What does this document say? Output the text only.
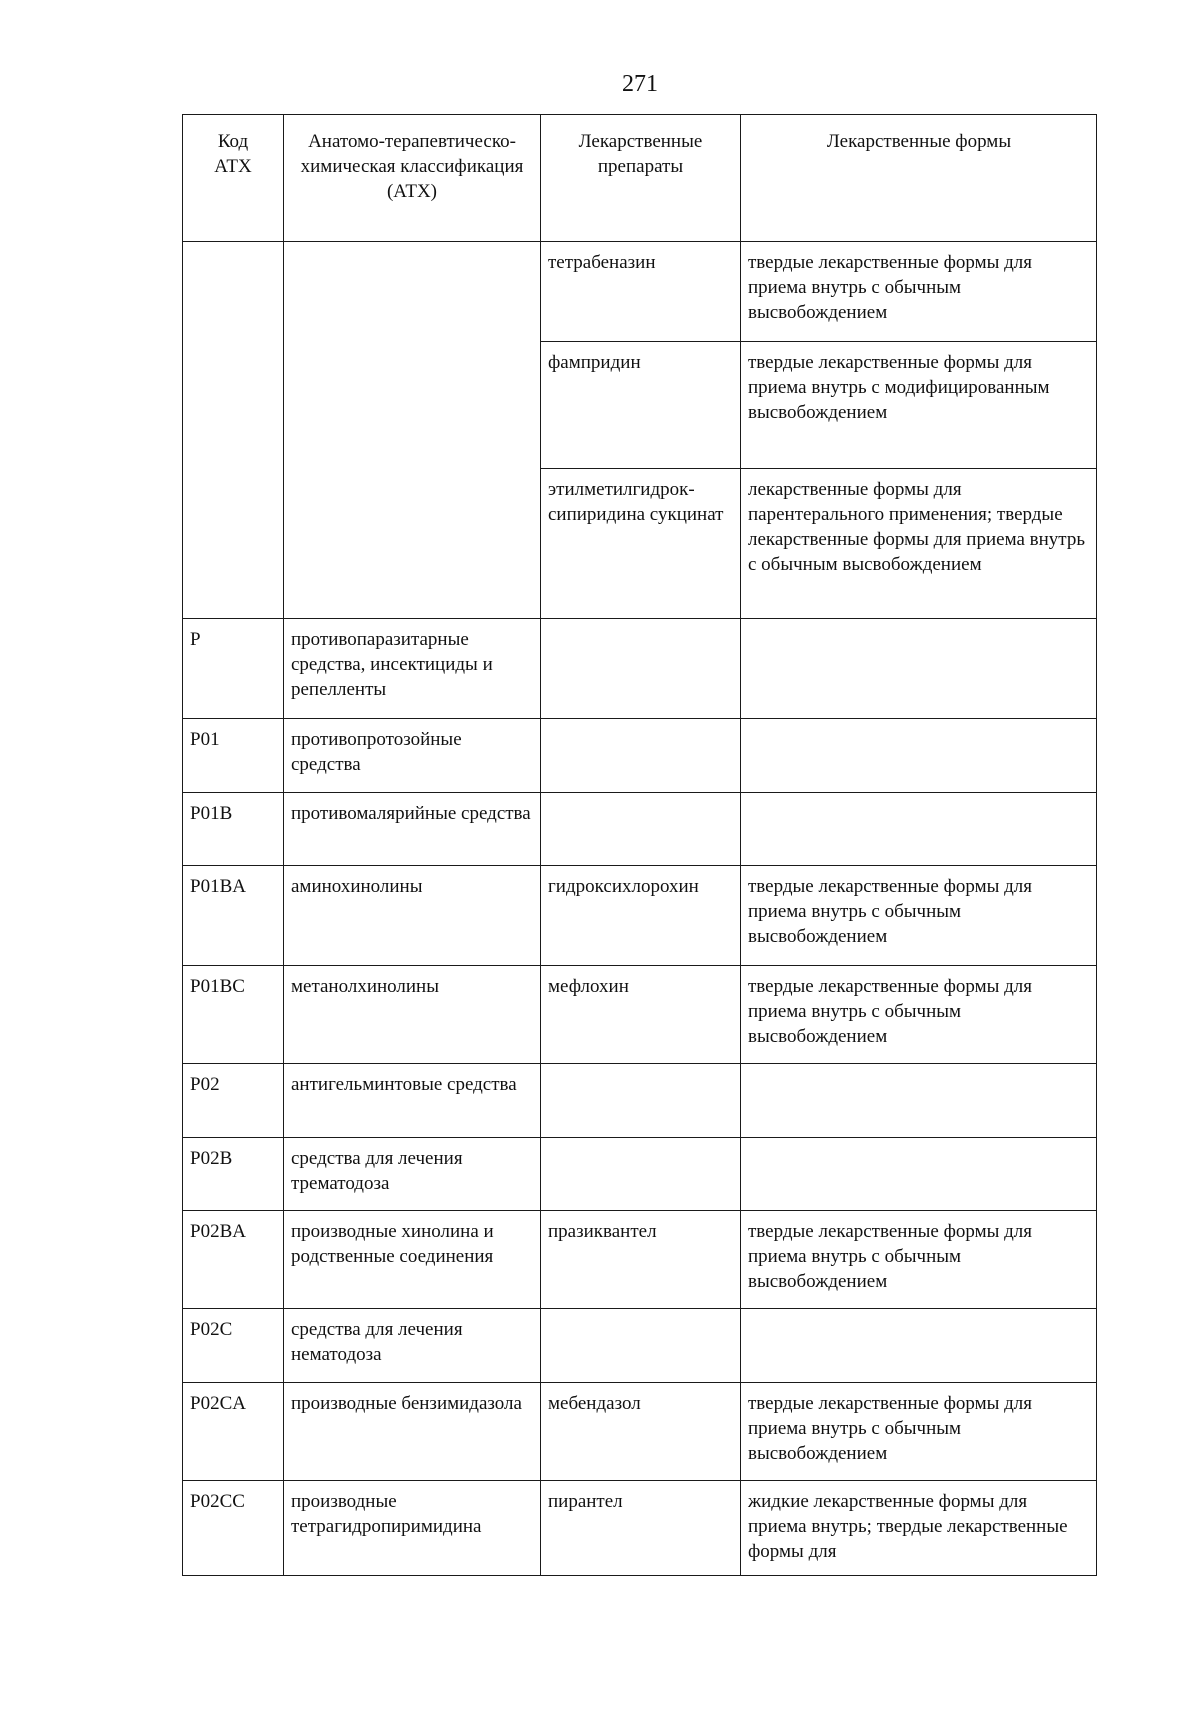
271
Код АТХ	Анатомо-терапевтическо-химическая классификация (АТХ)	Лекарственные препараты	Лекарственные формы
		тетрабеназин	твердые лекарственные формы для приема внутрь с обычным высвобождением
		фампридин	твердые лекарственные формы для приема внутрь с модифицированным высвобождением
		этилметилгидрок-сипиридина сукцинат	лекарственные формы для парентерального применения; твердые лекарственные формы для приема внутрь с обычным высвобождением
P	противопаразитарные средства, инсектициды и репелленты		
P01	противопротозойные средства		
P01B	противомалярийные средства		
P01BA	аминохинолины	гидроксихлорохин	твердые лекарственные формы для приема внутрь с обычным высвобождением
P01BC	метанолхинолины	мефлохин	твердые лекарственные формы для приема внутрь с обычным высвобождением
P02	антигельминтовые средства		
P02B	средства для лечения трематодоза		
P02BA	производные хинолина и родственные соединения	празиквантел	твердые лекарственные формы для приема внутрь с обычным высвобождением
P02C	средства для лечения нематодоза		
P02CA	производные бензимидазола	мебендазол	твердые лекарственные формы для приема внутрь с обычным высвобождением
P02CC	производные тетрагидропиримидина	пирантел	жидкие лекарственные формы для приема внутрь; твердые лекарственные формы для
